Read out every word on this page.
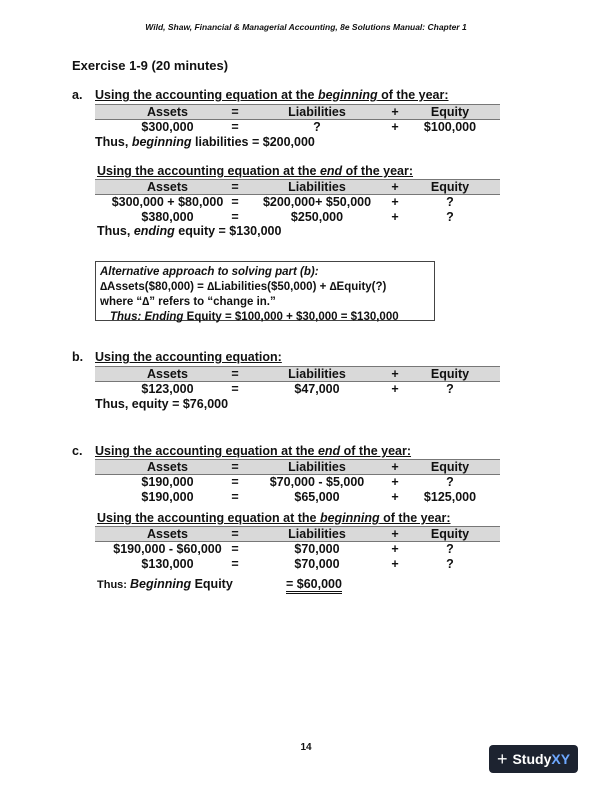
Wild, Shaw, Financial & Managerial Accounting, 8e Solutions Manual: Chapter 1
Exercise 1-9 (20 minutes)
a. Using the accounting equation at the beginning of the year:
Assets	=	Liabilities	+	Equity
$300,000	=	?	+	$100,000
Thus, beginning liabilities = $200,000
Using the accounting equation at the end of the year:
Assets	=	Liabilities	+	Equity
$300,000 + $80,000 =	$200,000+ $50,000	+	?
$380,000	=	$250,000	+	?
Thus, ending equity = $130,000
Alternative approach to solving part (b):
∆Assets($80,000) = ∆Liabilities($50,000) + ∆Equity(?)
where “∆” refers to “change in.”
Thus: Ending Equity = $100,000 + $30,000 = $130,000
b. Using the accounting equation:
Assets	=	Liabilities	+	Equity
$123,000	=	$47,000	+	?
Thus, equity = $76,000
c. Using the accounting equation at the end of the year:
Assets	=	Liabilities	+	Equity
$190,000	=	$70,000 - $5,000	+	?
$190,000	=	$65,000	+	$125,000
Using the accounting equation at the beginning of the year:
Assets	=	Liabilities	+	Equity
$190,000 - $60,000 =	$70,000	+	?
$130,000	=	$70,000	+	?
Thus: Beginning Equity	= $60,000
14
+ StudyXY
